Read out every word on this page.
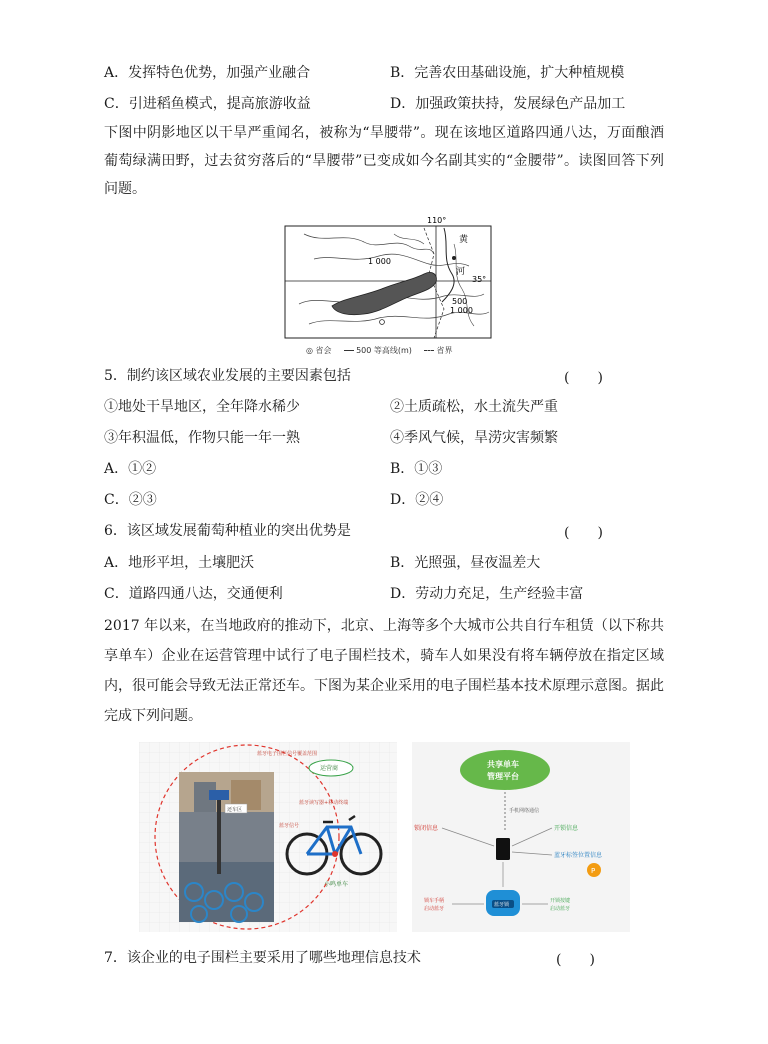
A．发挥特色优势，加强产业融合	B．完善农田基础设施，扩大种植规模
C．引进稻鱼模式，提高旅游收益	D．加强政策扶持，发展绿色产品加工
下图中阴影地区以干旱严重闻名，被称为“旱腰带”。现在该地区道路四通八达，万面酿酒葡萄绿满田野，过去贫穷落后的“旱腰带”已变成如今名副其实的“金腰带”。读图回答下列问题。
110°
35°
黄
河
1 000
500
1 000
◎ 省会	500 等高线(m)	省界
5．制约该区域农业发展的主要因素包括	(　　)
①地处干旱地区，全年降水稀少	②土质疏松，水土流失严重
③年积温低，作物只能一年一熟	④季风气候，旱涝灾害频繁
A．①②	B．①③
C．②③	D．②④
6．该区域发展葡萄种植业的突出优势是	(　　)
A．地形平坦，土壤肥沃	B．光照强，昼夜温差大
C．道路四通八达，交通便利	D．劳动力充足，生产经验丰富
2017 年以来，在当地政府的推动下，北京、上海等多个大城市公共自行车租赁（以下称共享单车）企业在运营管理中试行了电子围栏技术，骑车人如果没有将车辆停放在指定区域内，很可能会导致无法正常还车。下图为某企业采用的电子围栏基本技术原理示意图。据此完成下列问题。
蓝牙电子围栏信号覆盖范围
运营商
蓝牙读写器+移动终端
还车区
蓝牙信号
小鸣单车
共享单车
管理平台
手机网络通信
锁闭信息	开锁信息
蓝牙标签位置信息
P
蓝牙锁
锁车手柄
启动蓝牙
开锁按键
启动蓝牙
7．该企业的电子围栏主要采用了哪些地理信息技术	(　　)
